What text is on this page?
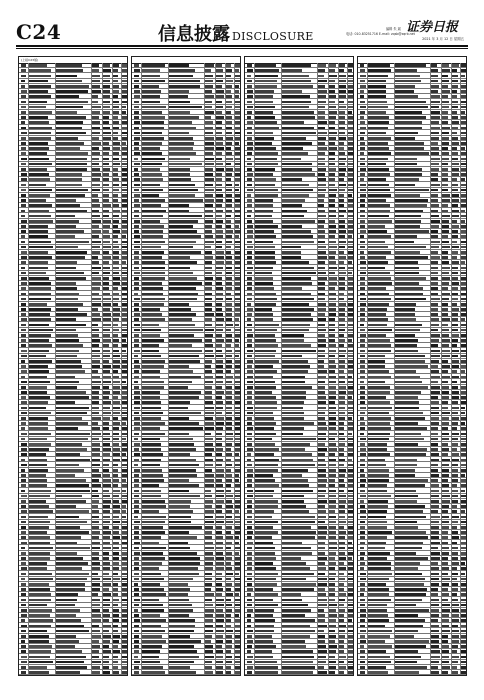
C24	信息披露 DISCLOSURE
编辑 朱 斌
电话: 010-83251716 E-mail: zqsb@zqrb.net
证券日报
2021 年 3 月 12 日 星期五
(上接C23版)
